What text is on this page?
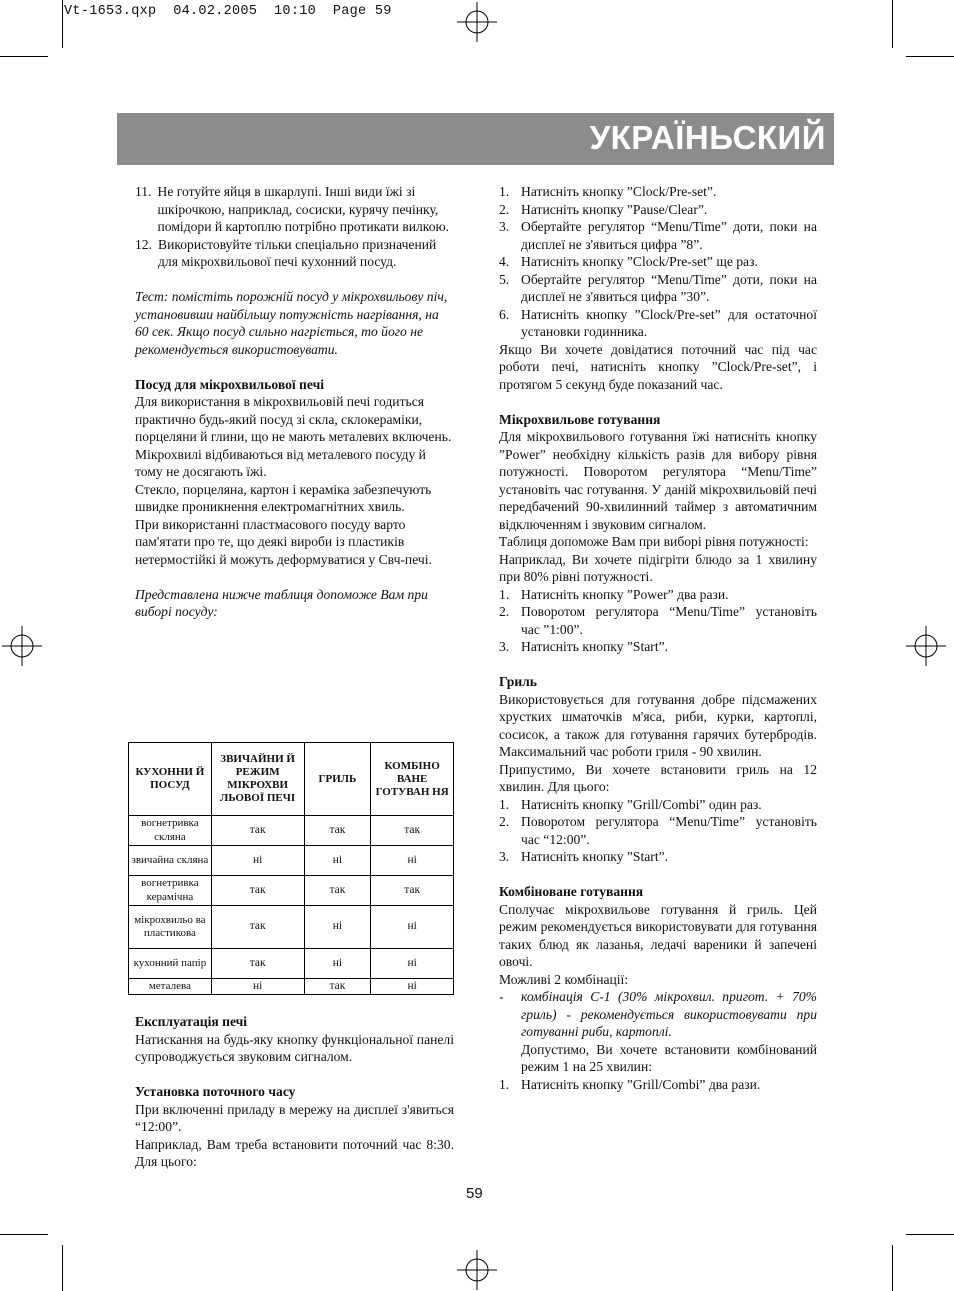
Vt-1653.qxp  04.02.2005  10:10  Page 59
УКРАЇНЬСКИЙ
11. Не готуйте яйця в шкарлупі. Інші види їжі зі шкірочкою, наприклад, сосиски, курячу печінку, помідори й картоплю потрібно протикати вилкою.
12. Використовуйте тільки спеціально призначений для мікрохвильової печі кухонний посуд.

Тест: помістіть порожній посуд у мікрохвильову піч, установивши найбільшу потужність нагрівання, на 60 сек. Якщо посуд сильно нагріється, то його не рекомендується використовувати.

Посуд для мікрохвильової печі

Для використання в мікрохвильовій печі годиться практично будь-який посуд зі скла, склокераміки, порцеляни й глини, що не мають металевих включень.

Мікрохвилі відбиваються від металевого посуду й тому не досягають їжі.

Стекло, порцеляна, картон і кераміка забезпечують швидке проникнення електромагнітних хвиль.

При використанні пластмасового посуду варто пам'ятати про те, що деякі вироби із пластиків нетермостійкі й можуть деформуватися у Свч-печі.

Представлена нижче таблиця допоможе Вам при виборі посуду:

КУХОННИ Й ПОСУД	ЗВИЧАЙНИ Й РЕЖИМ МІКРОХВИ ЛЬОВОЇ ПЕЧІ	ГРИЛЬ	КОМБІНО ВАНЕ ГОТУВАН НЯ
вогнетривка скляна	так	так	так
звичайна скляна	ні	ні	ні
вогнетривка керамічна	так	так	так
мікрохвильо ва пластикова	так	ні	ні
кухонний папір	так	ні	ні
металева	ні	так	ні

Експлуатація печі

Натискання на будь-яку кнопку функціональної панелі супроводжується звуковим сигналом.

Установка поточного часу

При включенні приладу в мережу на дисплеї з'явиться “12:00”.

Наприклад, Вам треба встановити поточний час 8:30. Для цього:

1. Натисніть кнопку ”Clock/Pre-set”.
2. Натисніть кнопку ”Pause/Clear”.
3. Обертайте регулятор “Menu/Time” доти, поки на дисплеї не з'явиться цифра ”8”.
4. Натисніть кнопку ”Clock/Pre-set” ще раз.
5. Обертайте регулятор “Menu/Time” доти, поки на дисплеї не з'явиться цифра ”30”.
6. Натисніть кнопку ”Clock/Pre-set” для остаточної установки годинника.

Якщо Ви хочете довідатися поточний час під час роботи печі, натисніть кнопку ”Clock/Pre-set”, і протягом 5 секунд буде показаний час.

Мікрохвильове готування

Для мікрохвильового готування їжі натисніть кнопку ”Power” необхідну кількість разів для вибору рівня потужності. Поворотом регулятора “Menu/Time” установіть час готування. У даній мікрохвильовій печі передбачений 90-хвилинний таймер з автоматичним відключенням і звуковим сигналом.

Таблиця допоможе Вам при виборі рівня потужності:

Наприклад, Ви хочете підігріти блюдо за 1 хвилину при 80% рівні потужності.

1. Натисніть кнопку ”Power” два рази.
2. Поворотом регулятора “Menu/Time” установіть час ”1:00”.
3. Натисніть кнопку ”Start”.

Гриль

Використовується для готування добре підсмажених хрустких шматочків м'яса, риби, курки, картоплі, сосисок, а також для готування гарячих бутербродів. Максимальний час роботи гриля - 90 хвилин.

Припустимо, Ви хочете встановити гриль на 12 хвилин. Для цього:

1. Натисніть кнопку ”Grill/Combi” один раз.
2. Поворотом регулятора “Menu/Time” установіть час “12:00”.
3. Натисніть кнопку ”Start”.

Комбіноване готування

Сполучає мікрохвильове готування й гриль. Цей режим рекомендується використовувати для готування таких блюд як лазанья, ледачі вареники й запечені овочі.

Можливі 2 комбінації:

-	комбінація С-1 (30% мікрохвил. пригот. + 70% гриль) - рекомендується використовувати при готуванні риби, картоплі.
Допустимо, Ви хочете встановити комбінований режим 1 на 25 хвилин:
1. Натисніть кнопку ”Grill/Combi” два рази.
59
